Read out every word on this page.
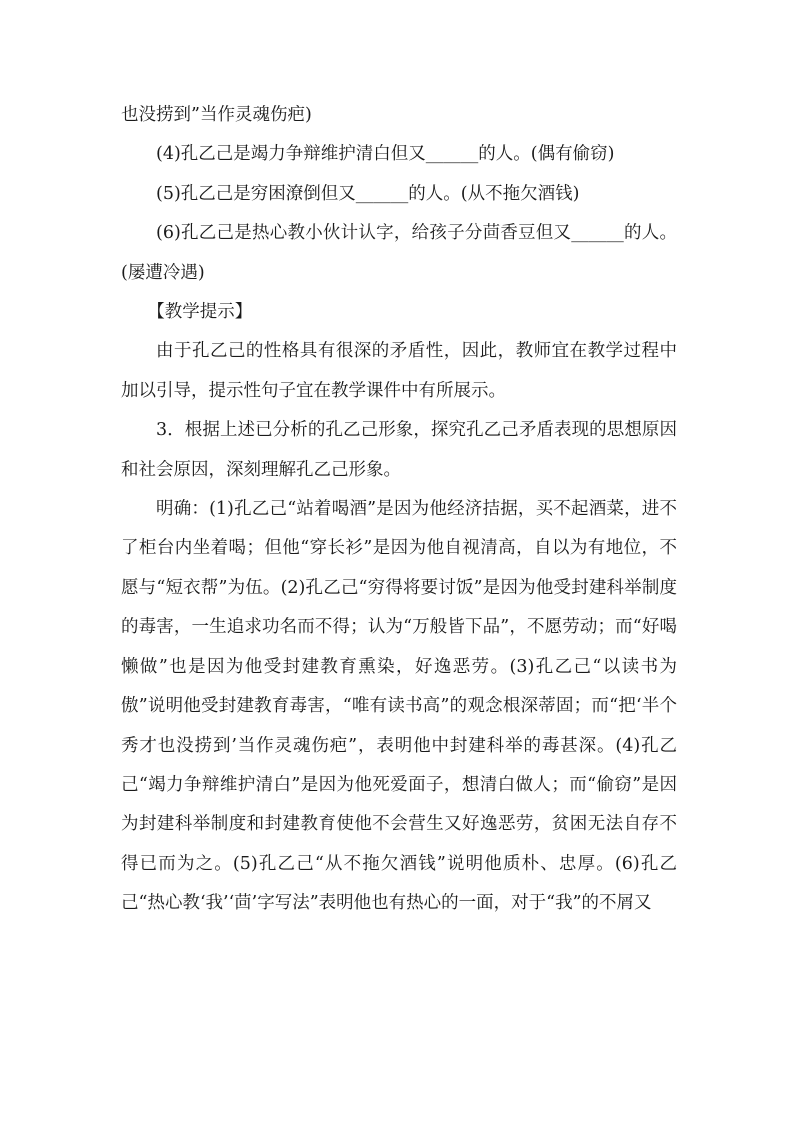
也没捞到”当作灵魂伤疤)

(4)孔乙己是竭力争辩维护清白但又______的人。(偶有偷窃)

(5)孔乙己是穷困潦倒但又______的人。(从不拖欠酒钱)

(6)孔乙己是热心教小伙计认字，给孩子分茴香豆但又______的人。(屡遭冷遇)

【教学提示】

由于孔乙己的性格具有很深的矛盾性，因此，教师宜在教学过程中加以引导，提示性句子宜在教学课件中有所展示。

3．根据上述已分析的孔乙己形象，探究孔乙己矛盾表现的思想原因和社会原因，深刻理解孔乙己形象。

明确：(1)孔乙己“站着喝酒”是因为他经济拮据，买不起酒菜，进不了柜台内坐着喝；但他“穿长衫”是因为他自视清高，自以为有地位，不愿与“短衣帮”为伍。(2)孔乙己“穷得将要讨饭”是因为他受封建科举制度的毒害，一生追求功名而不得；认为“万般皆下品”，不愿劳动；而“好喝懒做”也是因为他受封建教育熏染，好逸恶劳。(3)孔乙己“以读书为傲”说明他受封建教育毒害，“唯有读书高”的观念根深蒂固；而“把‘半个秀才也没捞到’当作灵魂伤疤”，表明他中封建科举的毒甚深。(4)孔乙己“竭力争辩维护清白”是因为他死爱面子，想清白做人；而“偷窃”是因为封建科举制度和封建教育使他不会营生又好逸恶劳，贫困无法自存不得已而为之。(5)孔乙己“从不拖欠酒钱”说明他质朴、忠厚。(6)孔乙己“热心教‘我’‘茴’字写法”表明他也有热心的一面，对于“我”的不屑又
